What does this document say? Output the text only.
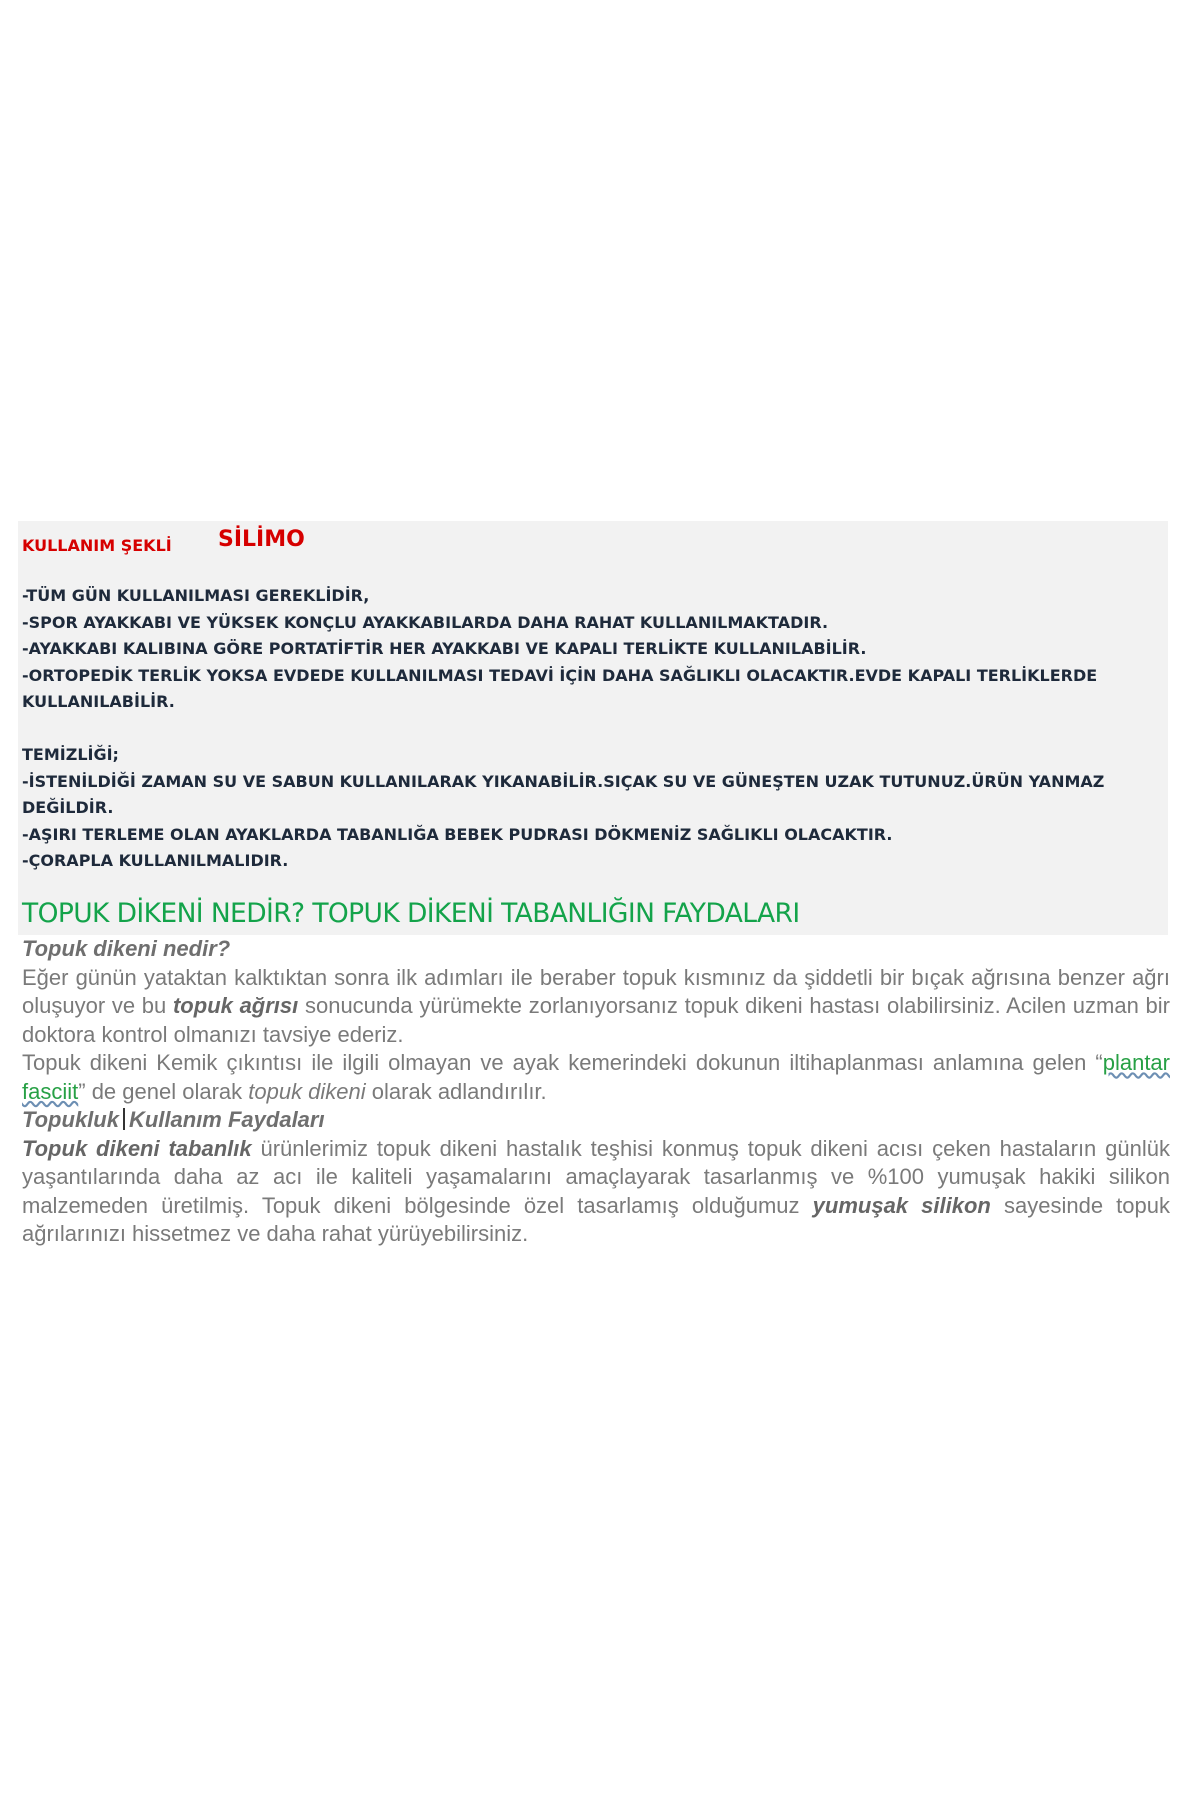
KULLANIM ŞEKLİ SİLİMO

-TÜM GÜN KULLANILMASI GEREKLİDİR,

-SPOR AYAKKABI VE YÜKSEK KONÇLU AYAKKABILARDA DAHA RAHAT KULLANILMAKTADIR.

-AYAKKABI KALIBINA GÖRE PORTATİFTİR HER AYAKKABI VE KAPALI TERLİKTE KULLANILABİLİR.

-ORTOPEDİK TERLİK YOKSA EVDEDE KULLANILMASI TEDAVİ İÇİN DAHA SAĞLIKLI OLACAKTIR.EVDE KAPALI TERLİKLERDE KULLANILABİLİR.

TEMİZLİĞİ;

-İSTENİLDİĞİ ZAMAN SU VE SABUN KULLANILARAK YIKANABİLİR.SIÇAK SU VE GÜNEŞTEN UZAK TUTUNUZ.ÜRÜN YANMAZ DEĞİLDİR.

-AŞIRI TERLEME OLAN AYAKLARDA TABANLIĞA BEBEK PUDRASI DÖKMENİZ SAĞLIKLI OLACAKTIR.

-ÇORAPLA KULLANILMALIDIR.

TOPUK DİKENİ NEDİR? TOPUK DİKENİ TABANLIĞIN FAYDALARI

Topuk dikeni nedir?

Eğer günün yataktan kalktıktan sonra ilk adımları ile beraber topuk kısmınız da şiddetli bir bıçak ağrısına benzer ağrı oluşuyor ve bu topuk ağrısı sonucunda yürümekte zorlanıyorsanız topuk dikeni hastası olabilirsiniz. Acilen uzman bir doktora kontrol olmanızı tavsiye ederiz.

Topuk dikeni Kemik çıkıntısı ile ilgili olmayan ve ayak kemerindeki dokunun iltihaplanması anlamına gelen “plantar fasciit” de genel olarak topuk dikeni olarak adlandırılır.

Topukluk Kullanım Faydaları

Topuk dikeni tabanlık ürünlerimiz topuk dikeni hastalık teşhisi konmuş topuk dikeni acısı çeken hastaların günlük yaşantılarında daha az acı ile kaliteli yaşamalarını amaçlayarak tasarlanmış ve %100 yumuşak hakiki silikon malzemeden üretilmiş. Topuk dikeni bölgesinde özel tasarlamış olduğumuz yumuşak silikon sayesinde topuk ağrılarınızı hissetmez ve daha rahat yürüyebilirsiniz.
